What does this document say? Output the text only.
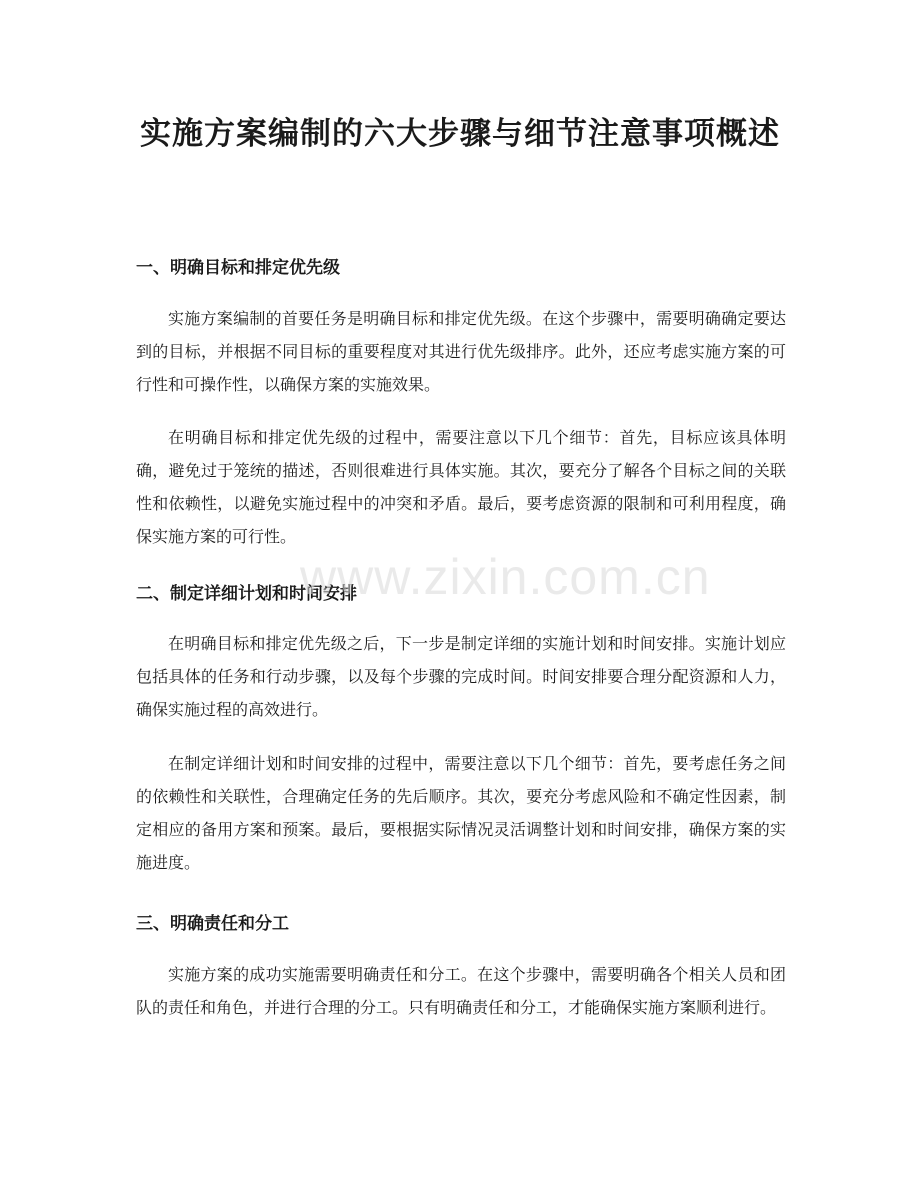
实施方案编制的六大步骤与细节注意事项概述
一、明确目标和排定优先级

实施方案编制的首要任务是明确目标和排定优先级。在这个步骤中，需要明确确定要达到的目标，并根据不同目标的重要程度对其进行优先级排序。此外，还应考虑实施方案的可行性和可操作性，以确保方案的实施效果。

在明确目标和排定优先级的过程中，需要注意以下几个细节：首先，目标应该具体明确，避免过于笼统的描述，否则很难进行具体实施。其次，要充分了解各个目标之间的关联性和依赖性，以避免实施过程中的冲突和矛盾。最后，要考虑资源的限制和可利用程度，确保实施方案的可行性。

二、制定详细计划和时间安排

在明确目标和排定优先级之后，下一步是制定详细的实施计划和时间安排。实施计划应包括具体的任务和行动步骤，以及每个步骤的完成时间。时间安排要合理分配资源和人力，确保实施过程的高效进行。

在制定详细计划和时间安排的过程中，需要注意以下几个细节：首先，要考虑任务之间的依赖性和关联性，合理确定任务的先后顺序。其次，要充分考虑风险和不确定性因素，制定相应的备用方案和预案。最后，要根据实际情况灵活调整计划和时间安排，确保方案的实施进度。

三、明确责任和分工

实施方案的成功实施需要明确责任和分工。在这个步骤中，需要明确各个相关人员和团队的责任和角色，并进行合理的分工。只有明确责任和分工，才能确保实施方案顺利进行。

www.zixin.com.cn
